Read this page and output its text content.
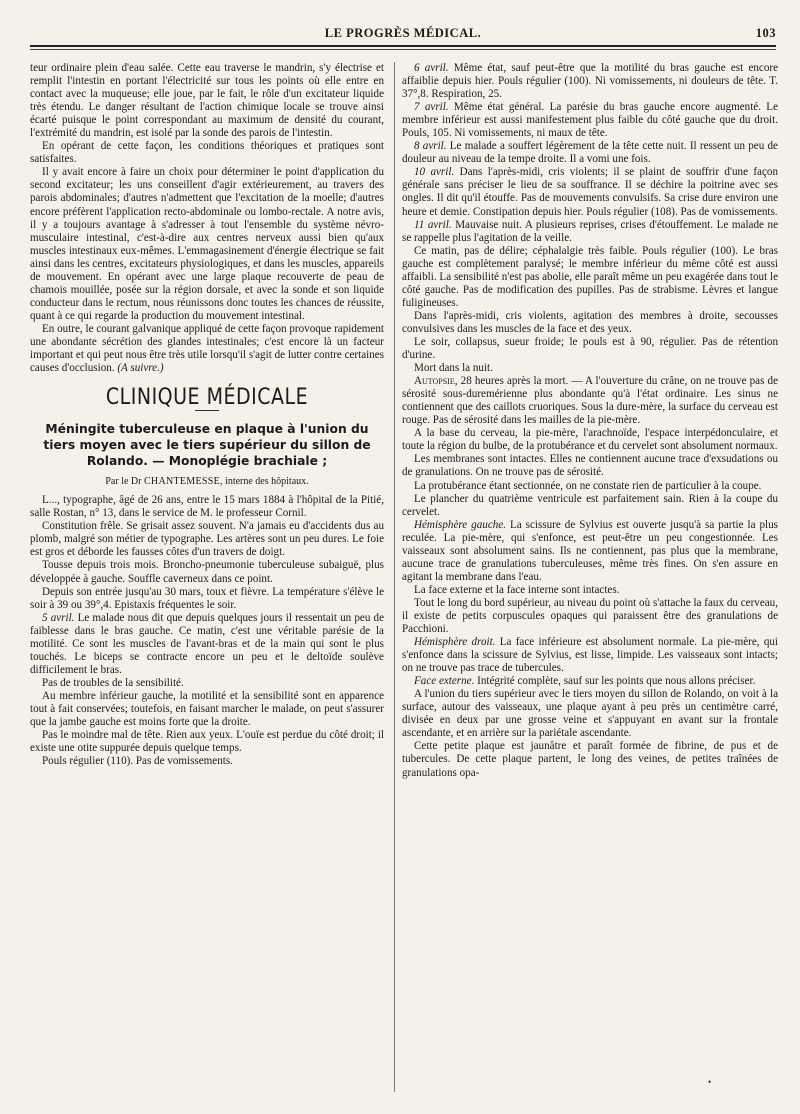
LE PROGRÈS MÉDICAL.	103

teur ordinaire plein d'eau salée. Cette eau traverse le mandrin, s'y électrise et remplit l'intestin en portant l'électricité sur tous les points où elle entre en contact avec la muqueuse; elle joue, par le fait, le rôle d'un excitateur liquide très étendu. Le danger résultant de l'action chimique locale se trouve ainsi écarté puisque le point correspondant au maximum de densité du courant, l'extrémité du mandrin, est isolé par la sonde des parois de l'intestin.

En opérant de cette façon, les conditions théoriques et pratiques sont satisfaites.

Il y avait encore à faire un choix pour déterminer le point d'application du second excitateur; les uns conseillent d'agir extérieurement, au travers des parois abdominales; d'autres n'admettent que l'excitation de la moelle; d'autres encore préfèrent l'application recto-abdominale ou lombo-rectale. A notre avis, il y a toujours avantage à s'adresser à tout l'ensemble du système névro-musculaire intestinal, c'est-à-dire aux centres nerveux aussi bien qu'aux muscles intestinaux eux-mêmes. L'emmagasinement d'énergie électrique se fait ainsi dans les centres, excitateurs physiologiques, et dans les muscles, appareils de mouvement. En opérant avec une large plaque recouverte de peau de chamois mouillée, posée sur la région dorsale, et avec la sonde et son liquide conducteur dans le rectum, nous réunissons donc toutes les chances de réussite, quant à ce qui regarde la production du mouvement intestinal.

En outre, le courant galvanique appliqué de cette façon provoque rapidement une abondante sécrétion des glandes intestinales; c'est encore là un facteur important et qui peut nous être très utile lorsqu'il s'agit de lutter contre certaines causes d'occlusion. (A suivre.)

CLINIQUE MÉDICALE
Méningite tuberculeuse en plaque à l'union du tiers moyen avec le tiers supérieur du sillon de Rolando. — Monoplégie brachiale ;
Par le Dr CHANTEMESSE, interne des hôpitaux.

L..., typographe, âgé de 26 ans, entre le 15 mars 1884 à l'hôpital de la Pitié, salle Rostan, n° 13, dans le service de M. le professeur Cornil.

Constitution frêle. Se grisait assez souvent. N'a jamais eu d'accidents dus au plomb, malgré son métier de typographe. Les artères sont un peu dures. Le foie est gros et déborde les fausses côtes d'un travers de doigt.

Tousse depuis trois mois. Broncho-pneumonie tuberculeuse subaiguë, plus développée à gauche. Souffle caverneux dans ce point.

Depuis son entrée jusqu'au 30 mars, toux et fièvre. La température s'élève le soir à 39 ou 39°,4. Epistaxis fréquentes le soir.

5 avril. Le malade nous dit que depuis quelques jours il ressentait un peu de faiblesse dans le bras gauche. Ce matin, c'est une véritable parésie de la motilité. Ce sont les muscles de l'avant-bras et de la main qui sont le plus touchés. Le biceps se contracte encore un peu et le deltoïde soulève difficilement le bras.

Pas de troubles de la sensibilité.

Au membre inférieur gauche, la motilité et la sensibilité sont en apparence tout à fait conservées; toutefois, en faisant marcher le malade, on peut s'assurer que la jambe gauche est moins forte que la droite.

Pas le moindre mal de tête. Rien aux yeux. L'ouïe est perdue du côté droit; il existe une otite suppurée depuis quelque temps.

Pouls régulier (110). Pas de vomissements.

6 avril. Même état, sauf peut-être que la motilité du bras gauche est encore affaiblie depuis hier. Pouls régulier (100). Ni vomissements, ni douleurs de tête. T. 37°,8. Respiration, 25.

7 avril. Même état général. La parésie du bras gauche encore augmenté. Le membre inférieur est aussi manifestement plus faible du côté gauche que du droit. Pouls, 105. Ni vomissements, ni maux de tête.

8 avril. Le malade a souffert légèrement de la tête cette nuit. Il ressent un peu de douleur au niveau de la tempe droite. Il a vomi une fois.

10 avril. Dans l'après-midi, cris violents; il se plaint de souffrir d'une façon générale sans préciser le lieu de sa souffrance. Il se déchire la poitrine avec ses ongles. Il dit qu'il étouffe. Pas de mouvements convulsifs. Sa crise dure environ une heure et demie. Constipation depuis hier. Pouls régulier (108). Pas de vomissements.

11 avril. Mauvaise nuit. A plusieurs reprises, crises d'étouffement. Le malade ne se rappelle plus l'agitation de la veille.

Ce matin, pas de délire; céphalalgie très faible. Pouls régulier (100). Le bras gauche est complètement paralysé; le membre inférieur du même côté est aussi affaibli. La sensibilité n'est pas abolie, elle paraît même un peu exagérée dans tout le côté gauche. Pas de modification des pupilles. Pas de strabisme. Lèvres et langue fuligineuses.

Dans l'après-midi, cris violents, agitation des membres à droite, secousses convulsives dans les muscles de la face et des yeux.

Le soir, collapsus, sueur froide; le pouls est à 90, régulier. Pas de rétention d'urine.

Mort dans la nuit.

Autopsie, 28 heures après la mort. — A l'ouverture du crâne, on ne trouve pas de sérosité sous-duremérienne plus abondante qu'à l'état ordinaire. Les sinus ne contiennent que des caillots cruoriques. Sous la dure-mère, la surface du cerveau est rouge. Pas de sérosité dans les mailles de la pie-mère.

A la base du cerveau, la pie-mère, l'arachnoïde, l'espace interpédonculaire, et toute la région du bulbe, de la protubérance et du cervelet sont absolument normaux.

Les membranes sont intactes. Elles ne contiennent aucune trace d'exsudations ou de granulations. On ne trouve pas de sérosité.

La protubérance étant sectionnée, on ne constate rien de particulier à la coupe.

Le plancher du quatrième ventricule est parfaitement sain. Rien à la coupe du cervelet.

Hémisphère gauche. La scissure de Sylvius est ouverte jusqu'à sa partie la plus reculée. La pie-mère, qui s'enfonce, est peut-être un peu congestionnée. Les vaisseaux sont absolument sains. Ils ne contiennent, pas plus que la membrane, aucune trace de granulations tuberculeuses, même très fines. On s'en assure en agitant la membrane dans l'eau.

La face externe et la face interne sont intactes.

Tout le long du bord supérieur, au niveau du point où s'attache la faux du cerveau, il existe de petits corpuscules opaques qui paraissent être des granulations de Pacchioni.

Hémisphère droit. La face inférieure est absolument normale. La pie-mère, qui s'enfonce dans la scissure de Sylvius, est lisse, limpide. Les vaisseaux sont intacts; on ne trouve pas trace de tubercules.

Face externe. Intégrité complète, sauf sur les points que nous allons préciser.

A l'union du tiers supérieur avec le tiers moyen du sillon de Rolando, on voit à la surface, autour des vaisseaux, une plaque ayant à peu près un centimètre carré, divisée en deux par une grosse veine et s'appuyant en avant sur la frontale ascendante, et en arrière sur la pariétale ascendante.

Cette petite plaque est jaunâtre et paraît formée de fibrine, de pus et de tubercules. De cette plaque partent, le long des veines, de petites traînées de granulations opa-

•
